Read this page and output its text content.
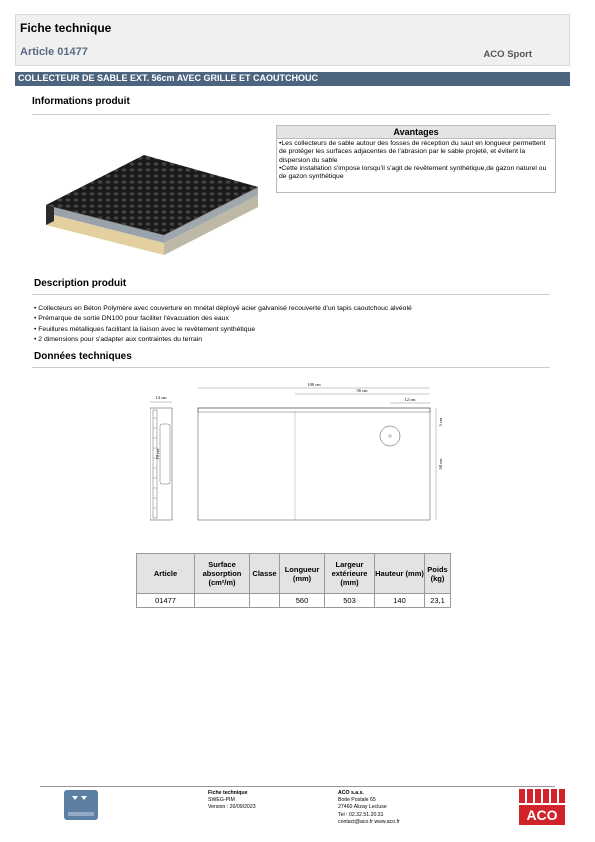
Fiche technique
Article 01477	ACO Sport
COLLECTEUR DE SABLE EXT. 56cm AVEC GRILLE ET CAOUTCHOUC
Informations produit
Avantages
• Les collecteurs de sable autour des fosses de réception du saut en longueur permettent de protéger les surfaces adjacentes de l'abrasion par le sable projeté, et évitent la dispersion du sable
• Cette installation s'impose lorsqu'il s'agit de revêtement synthétique,de gazon naturel ou de gazon synthétique
Description produit
• Collecteurs en Béton Polymère avec couverture en mnétal déployé acier galvanisé recouverte d'un tapis caoutchouc alvéolé
• Prémarque de sortie DN100 pour faciliter l'évacuation des eaux
• Feuillures métalliques facilitant la liaison avec le revêtement synthétique
• 2 dimensions pour s'adapter aux contraintes du terrain
Données techniques
14 cm
10 cm
100 cm
56 cm
12 cm
50 cm
5 cm
Article	Surface absorption (cm²/m)	Classe	Longueur (mm)	Largeur extérieure (mm)	Hauteur (mm)	Poids (kg)
01477			560	503	140	23,1
Fiche technique
SWEG-PIM
Version : 20/09/2023
ACO s.a.s.
Boite Postale 65
27460 Alizay Lecluse
Tel : 02.32.51.20.31
contact@aco.fr www.aco.fr	ACO
